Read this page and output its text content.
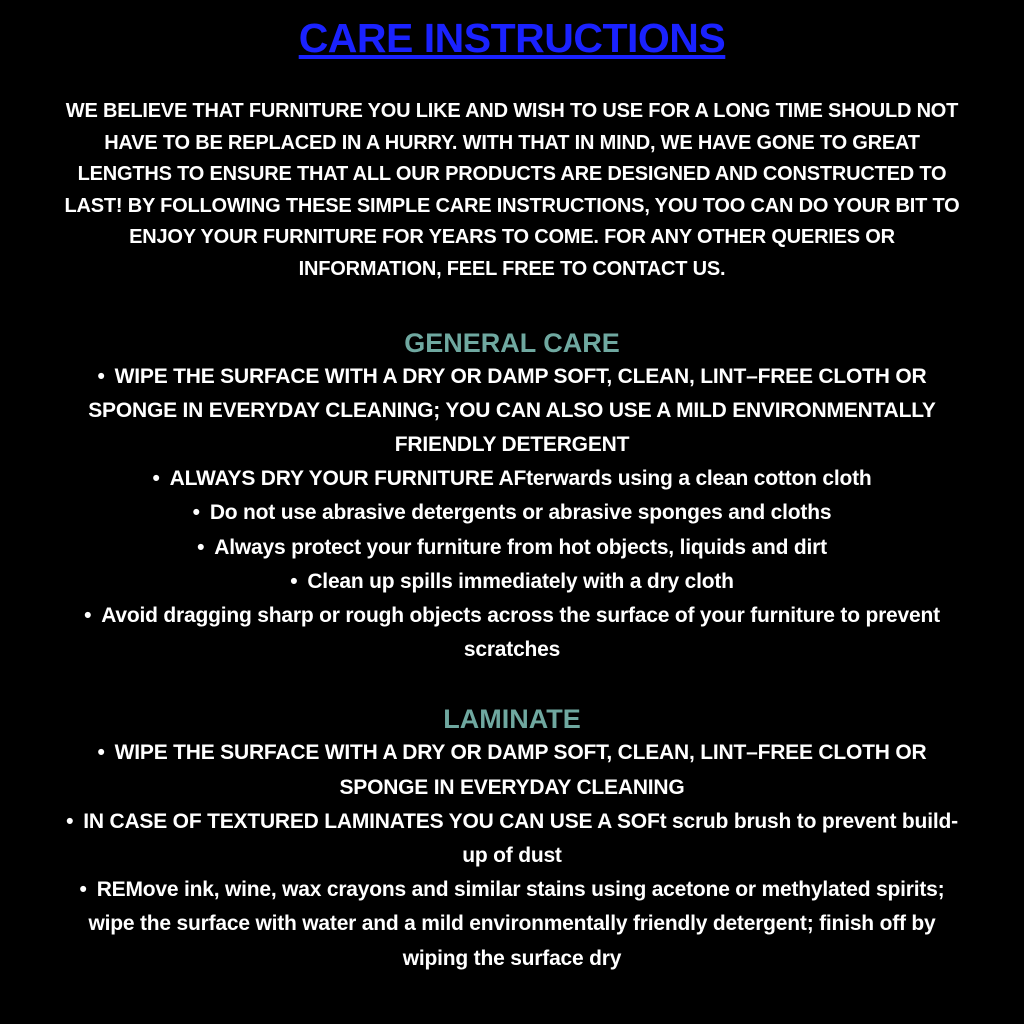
CARE INSTRUCTIONS

WE BELIEVE THAT FURNITURE YOU LIKE AND WISH TO USE FOR A LONG TIME SHOULD NOT HAVE TO BE REPLACED IN A HURRY. WITH THAT IN MIND, WE HAVE GONE TO GREAT LENGTHS TO ENSURE THAT ALL OUR PRODUCTS ARE DESIGNED AND CONSTRUCTED TO LAST! BY FOLLOWING THESE SIMPLE CARE INSTRUCTIONS, YOU TOO CAN DO YOUR BIT TO ENJOY YOUR FURNITURE FOR YEARS TO COME. FOR ANY OTHER QUERIES OR INFORMATION, FEEL FREE TO CONTACT US.

GENERAL CARE
• WIPE THE SURFACE WITH A DRY OR DAMP SOFT, CLEAN, LINT–FREE CLOTH OR SPONGE IN EVERYDAY CLEANING; YOU CAN ALSO USE A MILD ENVIRONMENTALLY FRIENDLY DETERGENT
• ALWAYS DRY YOUR FURNITURE AFterwards using a clean cotton cloth
• Do not use abrasive detergents or abrasive sponges and cloths
• Always protect your furniture from hot objects, liquids and dirt
• Clean up spills immediately with a dry cloth
• Avoid dragging sharp or rough objects across the surface of your furniture to prevent scratches
LAMINATE
• WIPE THE SURFACE WITH A DRY OR DAMP SOFT, CLEAN, LINT–FREE CLOTH OR SPONGE IN EVERYDAY CLEANING
• IN CASE OF TEXTURED LAMINATES YOU CAN USE A SOFt scrub brush to prevent build-up of dust
• REMove ink, wine, wax crayons and similar stains using acetone or methylated spirits; wipe the surface with water and a mild environmentally friendly detergent; finish off by wiping the surface dry
